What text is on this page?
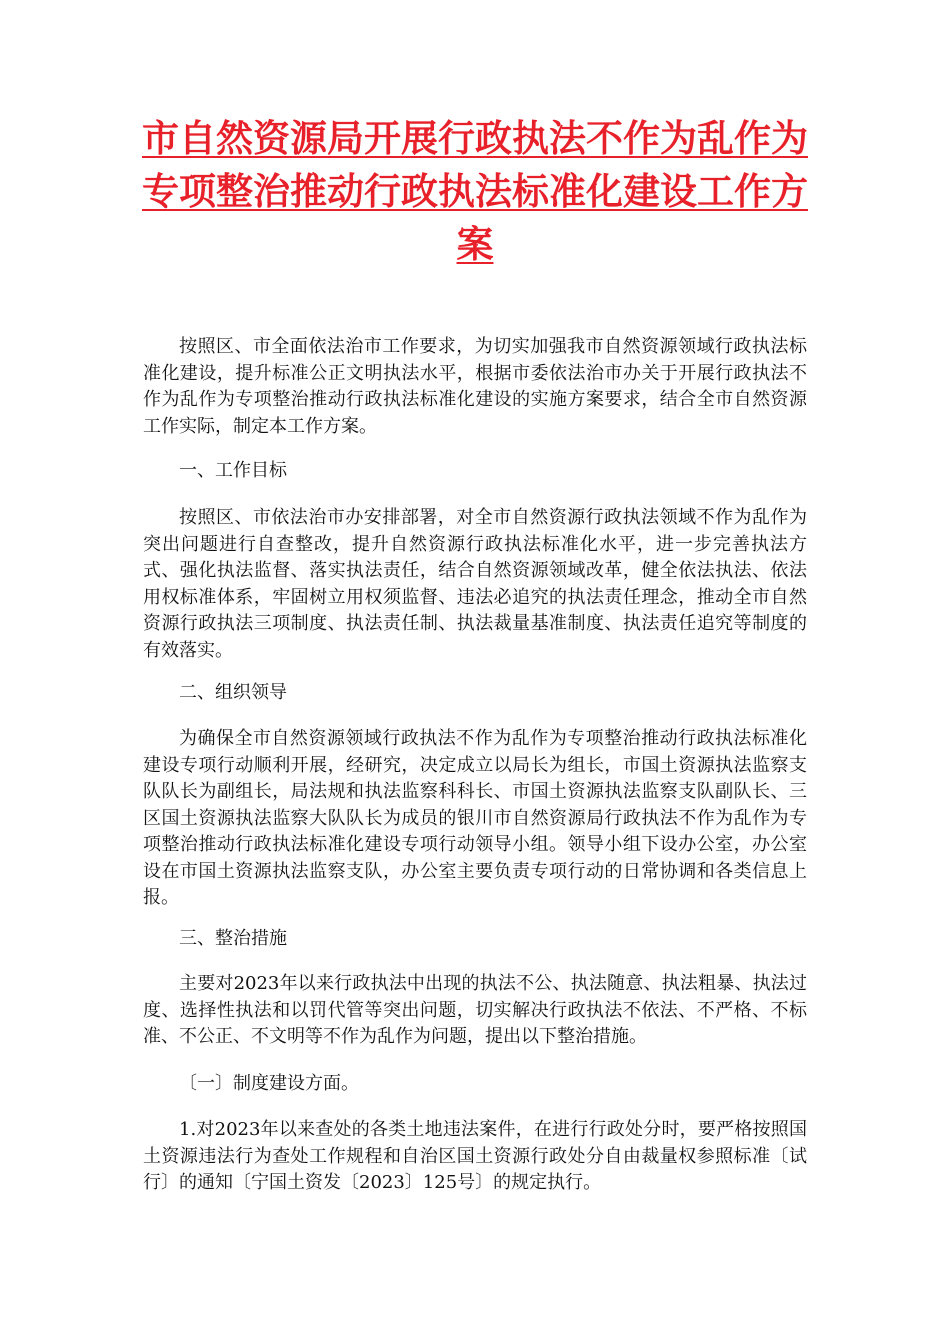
市自然资源局开展行政执法不作为乱作为专项整治推动行政执法标准化建设工作方案

按照区、市全面依法治市工作要求，为切实加强我市自然资源领域行政执法标准化建设，提升标准公正文明执法水平，根据市委依法治市办关于开展行政执法不作为乱作为专项整治推动行政执法标准化建设的实施方案要求，结合全市自然资源工作实际，制定本工作方案。

一、工作目标

按照区、市依法治市办安排部署，对全市自然资源行政执法领域不作为乱作为突出问题进行自查整改，提升自然资源行政执法标准化水平，进一步完善执法方式、强化执法监督、落实执法责任，结合自然资源领域改革，健全依法执法、依法用权标准体系，牢固树立用权须监督、违法必追究的执法责任理念，推动全市自然资源行政执法三项制度、执法责任制、执法裁量基准制度、执法责任追究等制度的有效落实。

二、组织领导

为确保全市自然资源领域行政执法不作为乱作为专项整治推动行政执法标准化建设专项行动顺利开展，经研究，决定成立以局长为组长，市国土资源执法监察支队队长为副组长，局法规和执法监察科科长、市国土资源执法监察支队副队长、三区国土资源执法监察大队队长为成员的银川市自然资源局行政执法不作为乱作为专项整治推动行政执法标准化建设专项行动领导小组。领导小组下设办公室，办公室设在市国土资源执法监察支队，办公室主要负责专项行动的日常协调和各类信息上报。

三、整治措施

主要对2023年以来行政执法中出现的执法不公、执法随意、执法粗暴、执法过度、选择性执法和以罚代管等突出问题，切实解决行政执法不依法、不严格、不标准、不公正、不文明等不作为乱作为问题，提出以下整治措施。

〔一〕制度建设方面。

1.对2023年以来查处的各类土地违法案件，在进行行政处分时，要严格按照国土资源违法行为查处工作规程和自治区国土资源行政处分自由裁量权参照标准〔试行〕的通知〔宁国土资发〔2023〕125号〕的规定执行。
